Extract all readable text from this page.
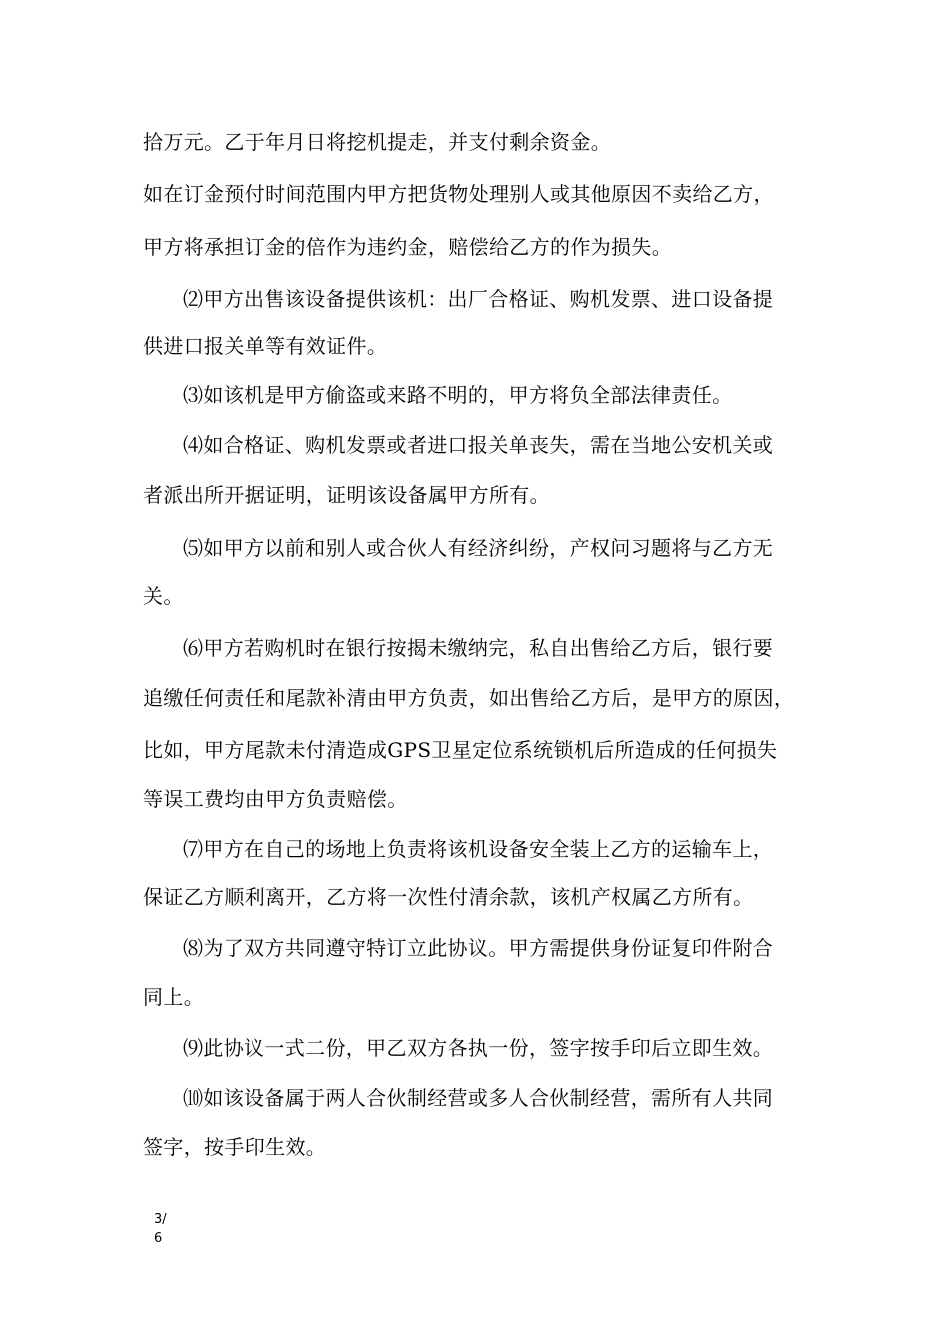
拾万元。乙于年月日将挖机提走，并支付剩余资金。
如在订金预付时间范围内甲方把货物处理别人或其他原因不卖给乙方，
甲方将承担订金的倍作为违约金，赔偿给乙方的作为损失。
⑵甲方出售该设备提供该机：出厂合格证、购机发票、进口设备提
供进口报关单等有效证件。
⑶如该机是甲方偷盗或来路不明的，甲方将负全部法律责任。
⑷如合格证、购机发票或者进口报关单丧失，需在当地公安机关或
者派出所开据证明，证明该设备属甲方所有。
⑸如甲方以前和别人或合伙人有经济纠纷，产权问习题将与乙方无
关。
⑹甲方若购机时在银行按揭未缴纳完，私自出售给乙方后，银行要
追缴任何责任和尾款补清由甲方负责，如出售给乙方后，是甲方的原因，
比如，甲方尾款未付清造成GPS卫星定位系统锁机后所造成的任何损失
等误工费均由甲方负责赔偿。
⑺甲方在自己的场地上负责将该机设备安全装上乙方的运输车上，
保证乙方顺利离开，乙方将一次性付清余款，该机产权属乙方所有。
⑻为了双方共同遵守特订立此协议。甲方需提供身份证复印件附合
同上。
⑼此协议一式二份，甲乙双方各执一份，签字按手印后立即生效。
⑽如该设备属于两人合伙制经营或多人合伙制经营，需所有人共同
签字，按手印生效。
3/
6
